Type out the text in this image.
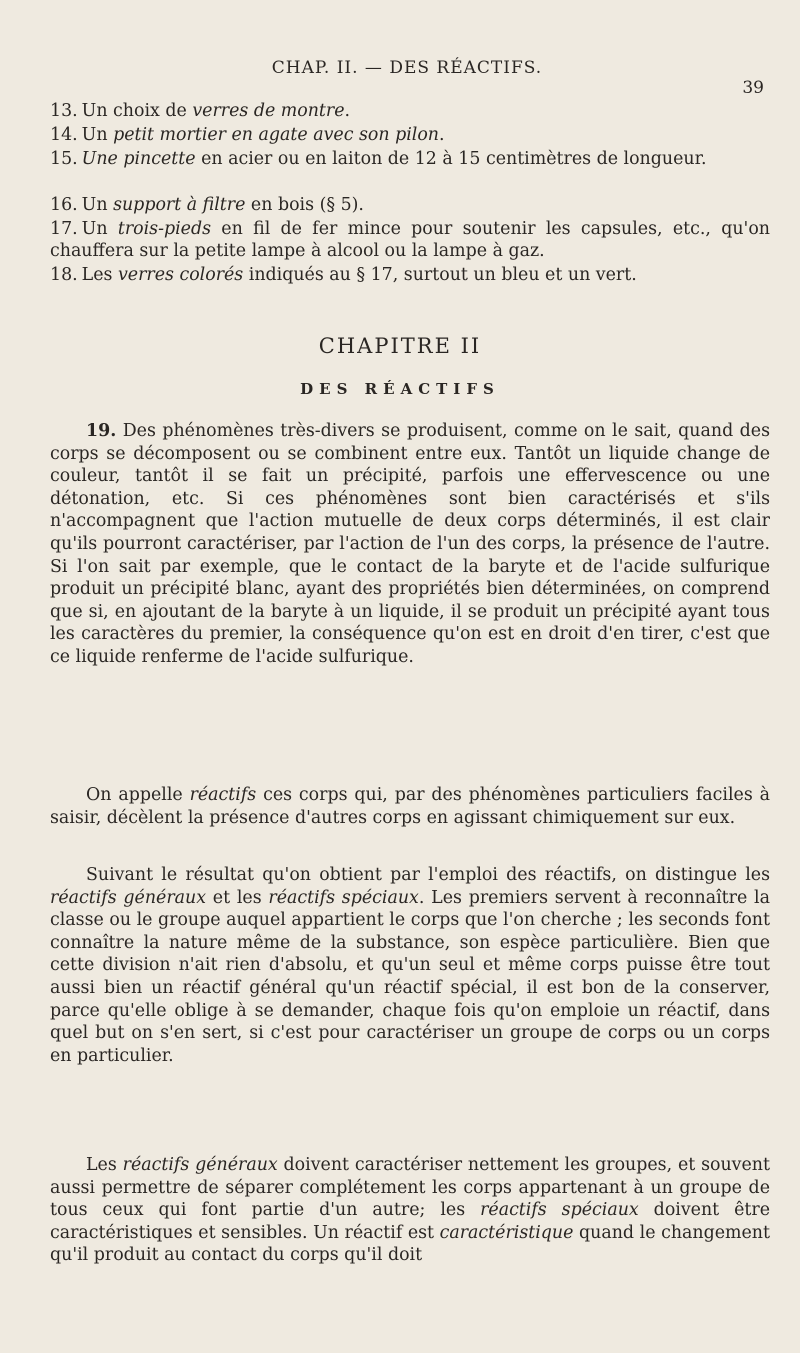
CHAP. II. — DES RÉACTIFS.
39
13. Un choix de verres de montre.
14. Un petit mortier en agate avec son pilon.
15. Une pincette en acier ou en laiton de 12 à 15 centimètres de longueur.
16. Un support à filtre en bois (§ 5).
17. Un trois-pieds en fil de fer mince pour soutenir les capsules, etc., qu'on chauffera sur la petite lampe à alcool ou la lampe à gaz.
18. Les verres colorés indiqués au § 17, surtout un bleu et un vert.
CHAPITRE II
DES RÉACTIFS
19. Des phénomènes très-divers se produisent, comme on le sait, quand des corps se décomposent ou se combinent entre eux. Tantôt un liquide change de couleur, tantôt il se fait un précipité, parfois une effervescence ou une détonation, etc. Si ces phénomènes sont bien caractérisés et s'ils n'accompagnent que l'action mutuelle de deux corps déterminés, il est clair qu'ils pourront caractériser, par l'action de l'un des corps, la présence de l'autre. Si l'on sait par exemple, que le contact de la baryte et de l'acide sulfurique produit un précipité blanc, ayant des propriétés bien déterminées, on comprend que si, en ajoutant de la baryte à un liquide, il se produit un précipité ayant tous les caractères du premier, la conséquence qu'on est en droit d'en tirer, c'est que ce liquide renferme de l'acide sulfurique.
On appelle réactifs ces corps qui, par des phénomènes particuliers faciles à saisir, décèlent la présence d'autres corps en agissant chimiquement sur eux.
Suivant le résultat qu'on obtient par l'emploi des réactifs, on distingue les réactifs généraux et les réactifs spéciaux. Les premiers servent à reconnaître la classe ou le groupe auquel appartient le corps que l'on cherche ; les seconds font connaître la nature même de la substance, son espèce particulière. Bien que cette division n'ait rien d'absolu, et qu'un seul et même corps puisse être tout aussi bien un réactif général qu'un réactif spécial, il est bon de la conserver, parce qu'elle oblige à se demander, chaque fois qu'on emploie un réactif, dans quel but on s'en sert, si c'est pour caractériser un groupe de corps ou un corps en particulier.
Les réactifs généraux doivent caractériser nettement les groupes, et souvent aussi permettre de séparer complétement les corps appartenant à un groupe de tous ceux qui font partie d'un autre; les réactifs spéciaux doivent être caractéristiques et sensibles. Un réactif est caractéristique quand le changement qu'il produit au contact du corps qu'il doit
